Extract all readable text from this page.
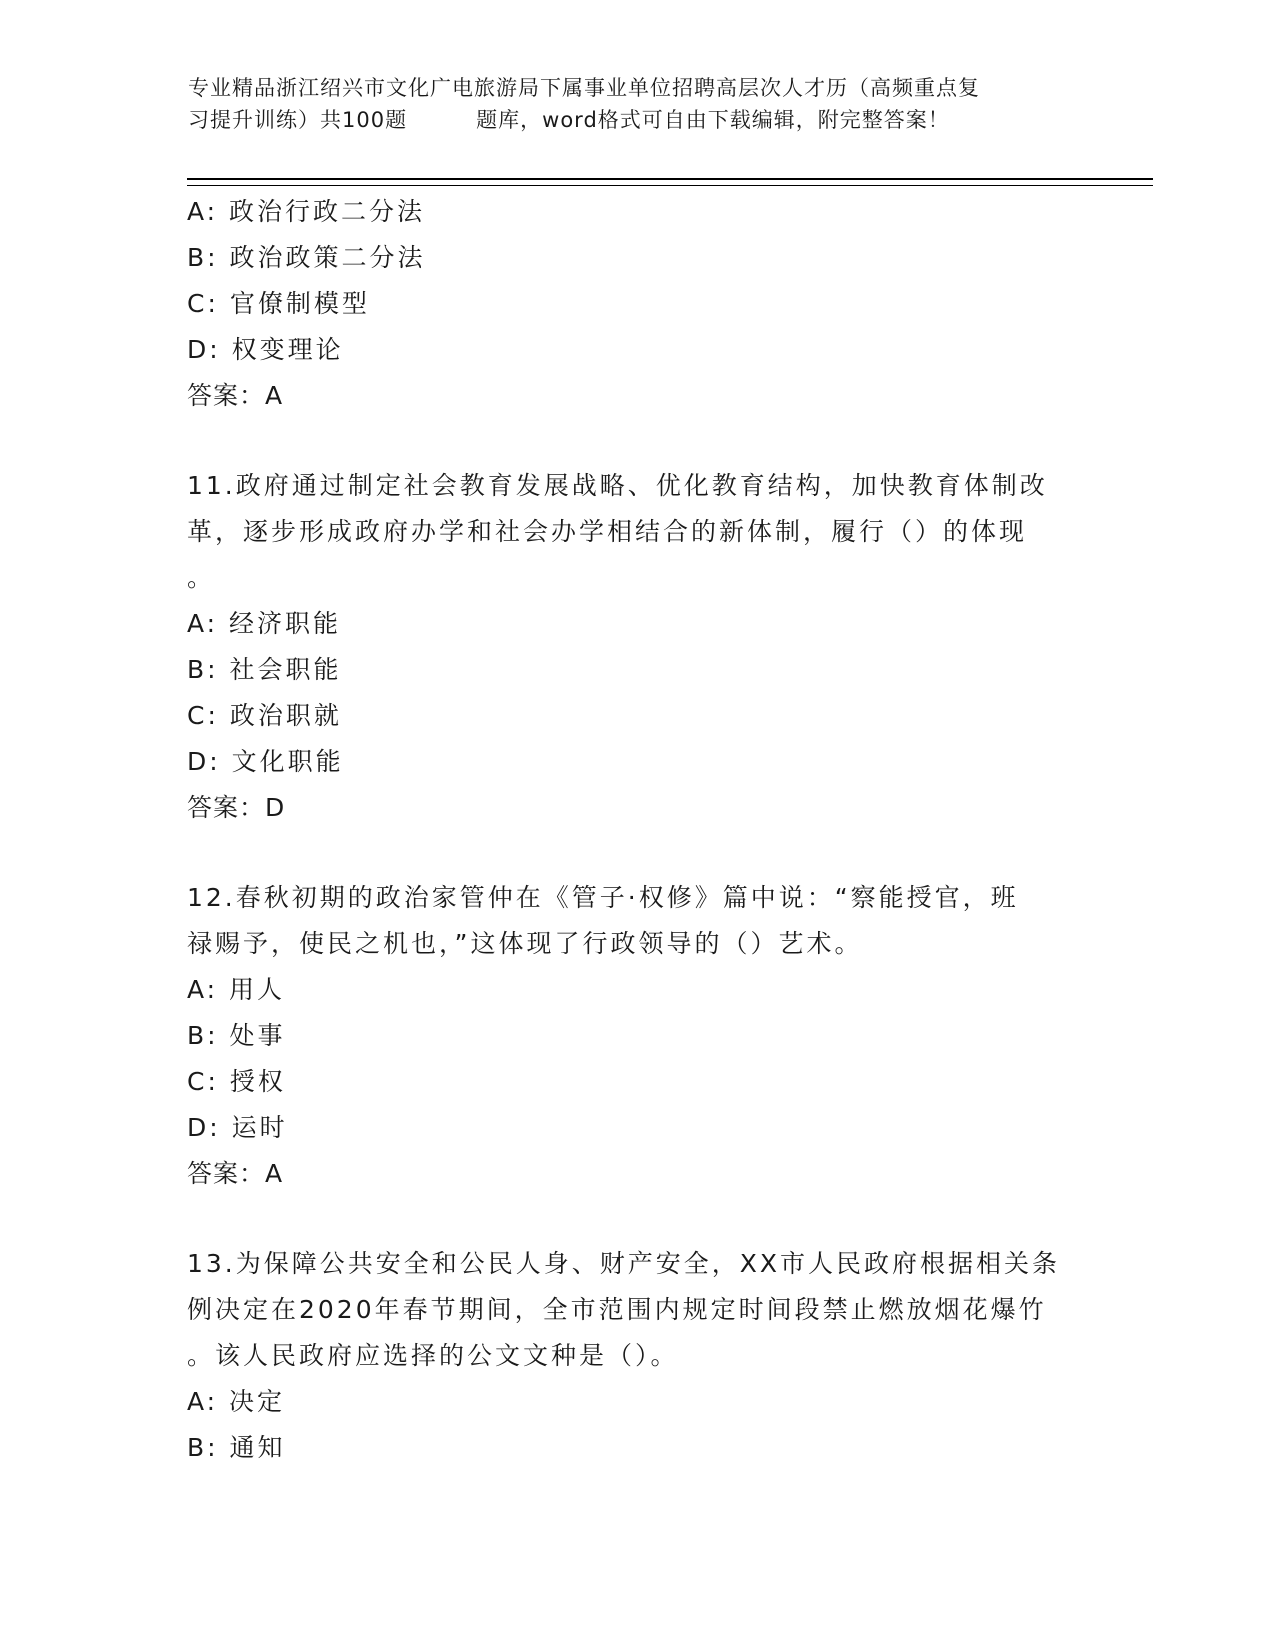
专业精品浙江绍兴市文化广电旅游局下属事业单位招聘高层次人才历（高频重点复
习提升训练）共100题         题库，word格式可自由下载编辑，附完整答案！
A: 政治行政二分法
B: 政治政策二分法
C: 官僚制模型
D: 权变理论
答案：A
11.政府通过制定社会教育发展战略、优化教育结构，加快教育体制改
革，逐步形成政府办学和社会办学相结合的新体制，履行（）的体现
。
A: 经济职能
B: 社会职能
C: 政治职就
D: 文化职能
答案：D
12.春秋初期的政治家管仲在《管子·权修》篇中说：“察能授官，班
禄赐予，使民之机也，”这体现了行政领导的（）艺术。
A: 用人
B: 处事
C: 授权
D: 运时
答案：A
13.为保障公共安全和公民人身、财产安全，XX市人民政府根据相关条
例决定在2020年春节期间，全市范围内规定时间段禁止燃放烟花爆竹
。该人民政府应选择的公文文种是（）。
A: 决定
B: 通知
